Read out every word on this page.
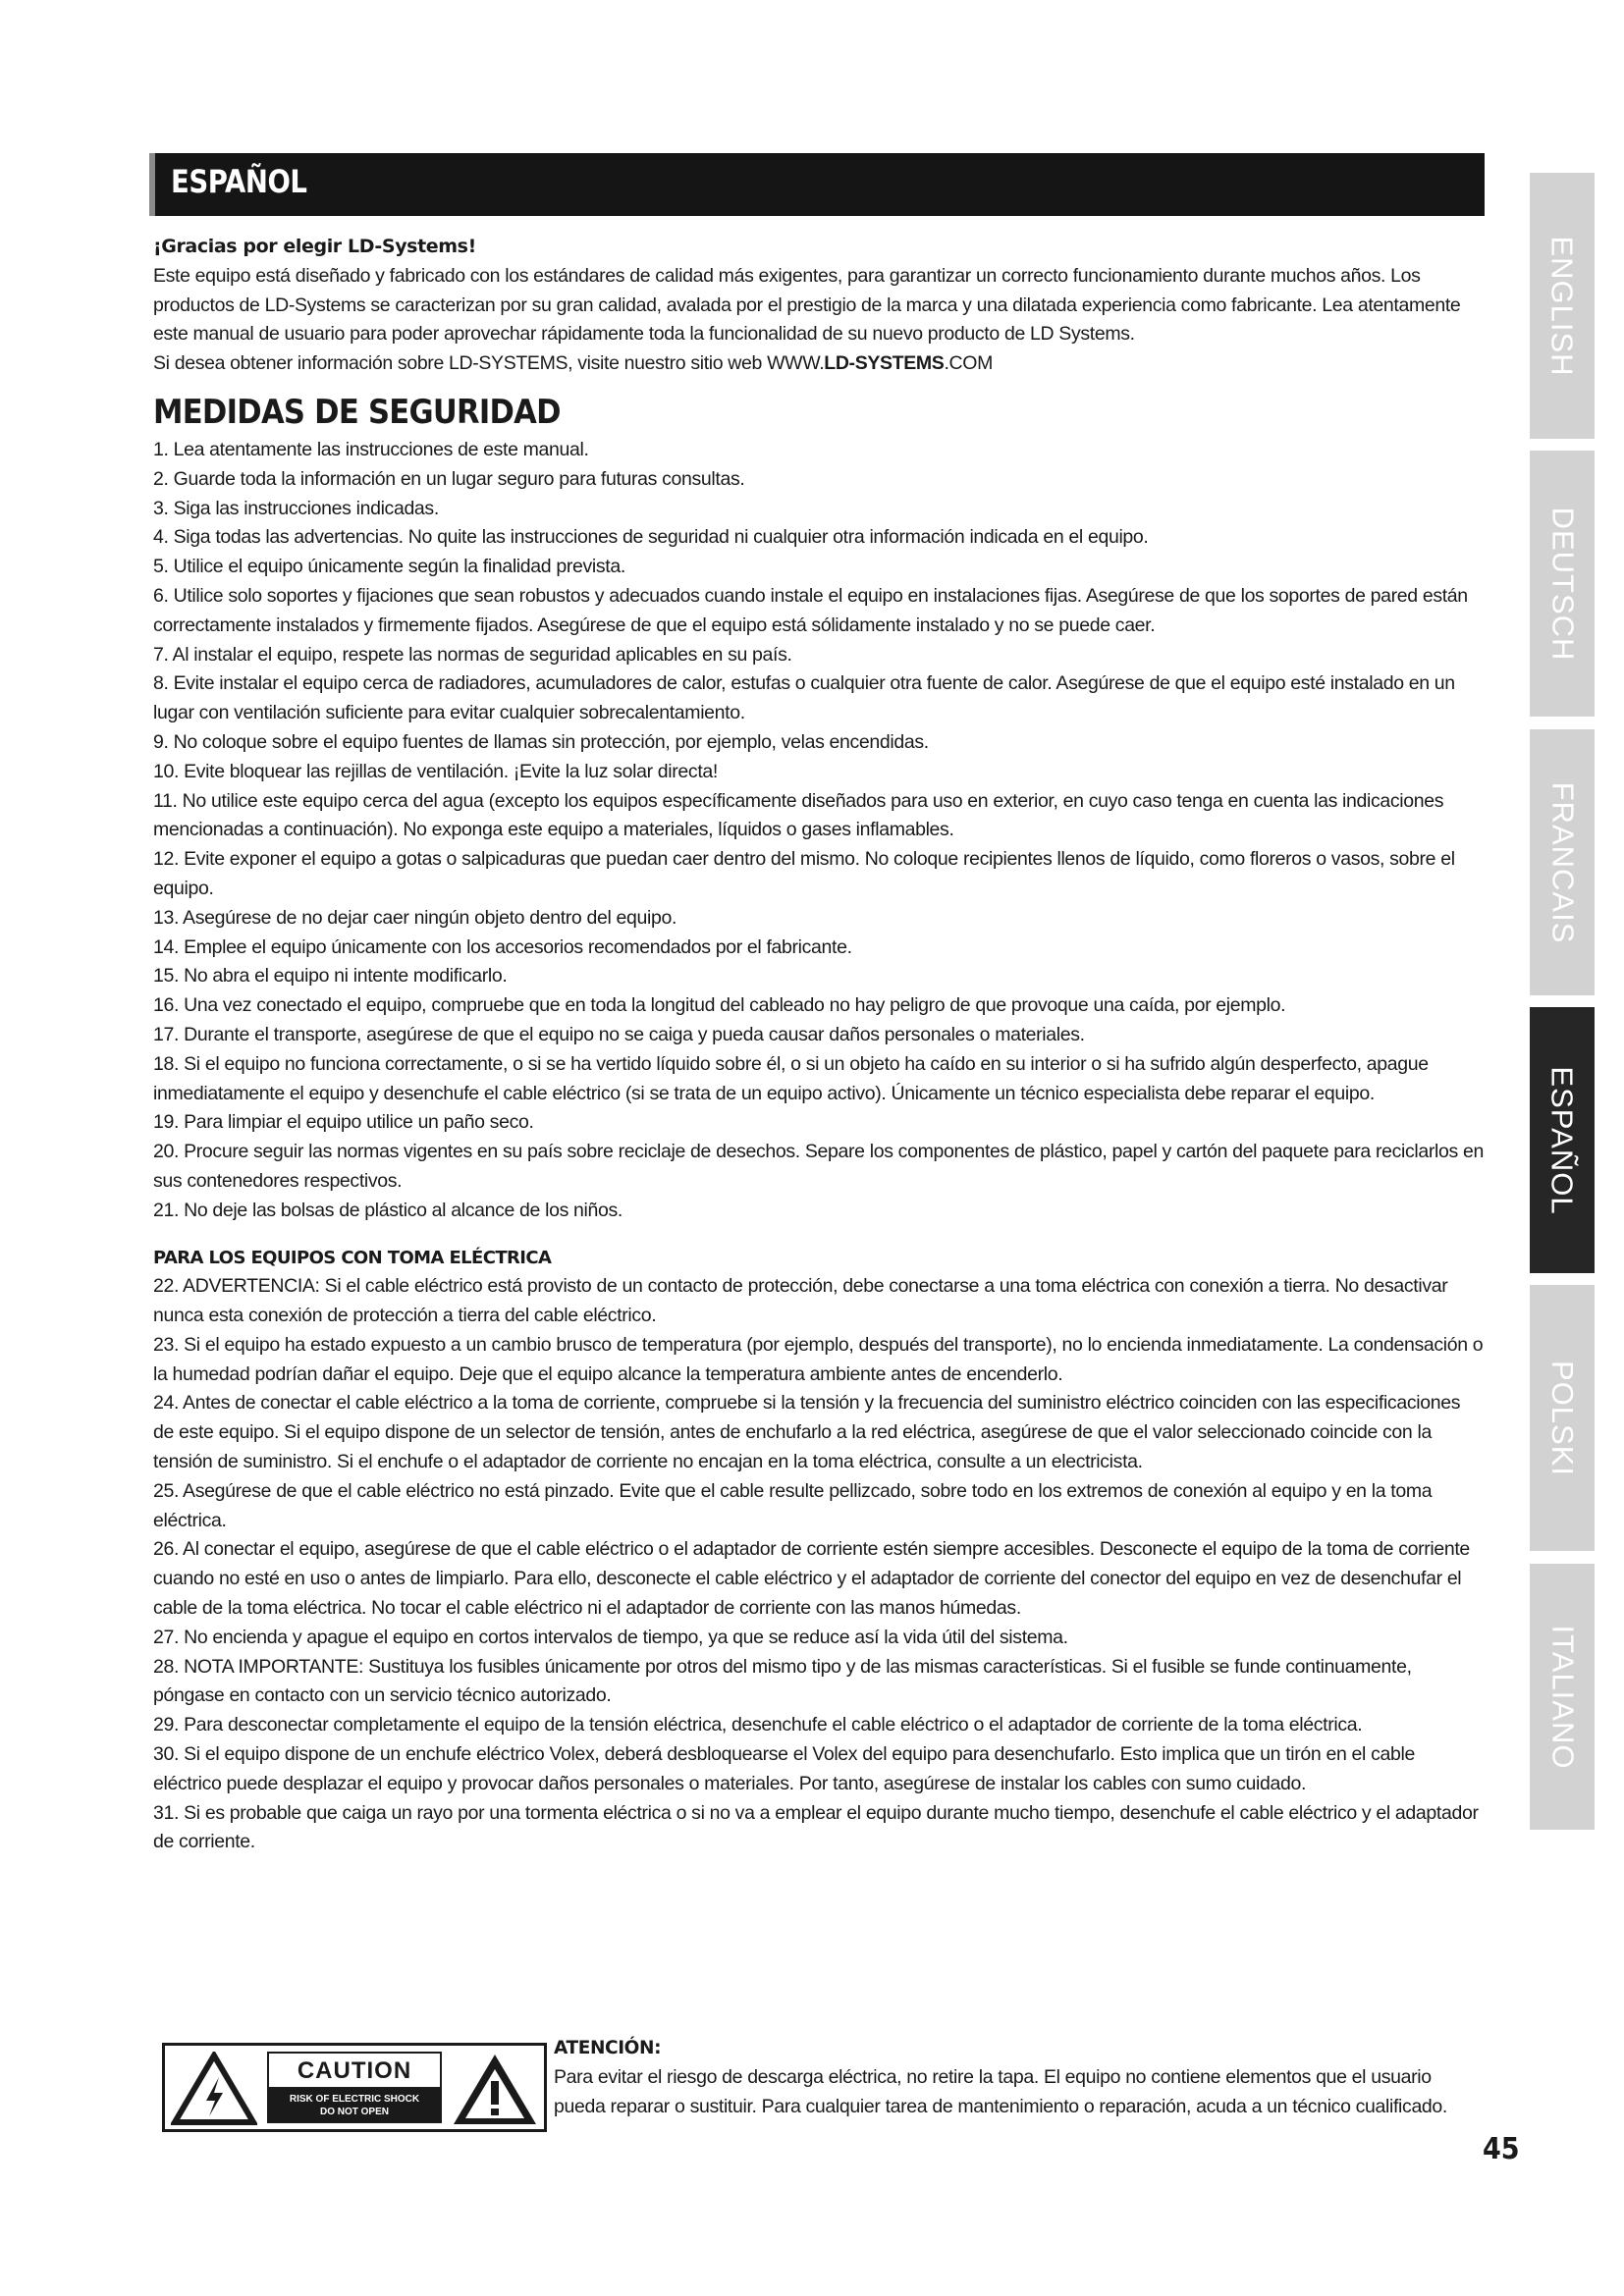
ESPAÑOL
¡Gracias por elegir LD-Systems!

Este equipo está diseñado y fabricado con los estándares de calidad más exigentes, para garantizar un correcto funcionamiento durante muchos años. Los productos de LD-Systems se caracterizan por su gran calidad, avalada por el prestigio de la marca y una dilatada experiencia como fabricante. Lea atentamente este manual de usuario para poder aprovechar rápidamente toda la funcionalidad de su nuevo producto de LD Systems.

Si desea obtener información sobre LD-SYSTEMS, visite nuestro sitio web WWW.LD-SYSTEMS.COM

MEDIDAS DE SEGURIDAD

1. Lea atentamente las instrucciones de este manual.

2. Guarde toda la información en un lugar seguro para futuras consultas.

3. Siga las instrucciones indicadas.

4. Siga todas las advertencias. No quite las instrucciones de seguridad ni cualquier otra información indicada en el equipo.

5. Utilice el equipo únicamente según la finalidad prevista.

6. Utilice solo soportes y fijaciones que sean robustos y adecuados cuando instale el equipo en instalaciones fijas. Asegúrese de que los soportes de pared están correctamente instalados y firmemente fijados. Asegúrese de que el equipo está sólidamente instalado y no se puede caer.

7. Al instalar el equipo, respete las normas de seguridad aplicables en su país.

8. Evite instalar el equipo cerca de radiadores, acumuladores de calor, estufas o cualquier otra fuente de calor. Asegúrese de que el equipo esté instalado en un lugar con ventilación suficiente para evitar cualquier sobrecalentamiento.

9. No coloque sobre el equipo fuentes de llamas sin protección, por ejemplo, velas encendidas.

10. Evite bloquear las rejillas de ventilación. ¡Evite la luz solar directa!

11. No utilice este equipo cerca del agua (excepto los equipos específicamente diseñados para uso en exterior, en cuyo caso tenga en cuenta las indicaciones mencionadas a continuación). No exponga este equipo a materiales, líquidos o gases inflamables.

12. Evite exponer el equipo a gotas o salpicaduras que puedan caer dentro del mismo. No coloque recipientes llenos de líquido, como floreros o vasos, sobre el equipo.

13. Asegúrese de no dejar caer ningún objeto dentro del equipo.

14. Emplee el equipo únicamente con los accesorios recomendados por el fabricante.

15. No abra el equipo ni intente modificarlo.

16. Una vez conectado el equipo, compruebe que en toda la longitud del cableado no hay peligro de que provoque una caída, por ejemplo.

17. Durante el transporte, asegúrese de que el equipo no se caiga y pueda causar daños personales o materiales.

18. Si el equipo no funciona correctamente, o si se ha vertido líquido sobre él, o si un objeto ha caído en su interior o si ha sufrido algún desperfecto, apague inmediatamente el equipo y desenchufe el cable eléctrico (si se trata de un equipo activo). Únicamente un técnico especialista debe reparar el equipo.

19. Para limpiar el equipo utilice un paño seco.

20. Procure seguir las normas vigentes en su país sobre reciclaje de desechos. Separe los componentes de plástico, papel y cartón del paquete para reciclarlos en sus contenedores respectivos.

21. No deje las bolsas de plástico al alcance de los niños.

PARA LOS EQUIPOS CON TOMA ELÉCTRICA

22. ADVERTENCIA: Si el cable eléctrico está provisto de un contacto de protección, debe conectarse a una toma eléctrica con conexión a tierra. No desactivar nunca esta conexión de protección a tierra del cable eléctrico.

23. Si el equipo ha estado expuesto a un cambio brusco de temperatura (por ejemplo, después del transporte), no lo encienda inmediatamente. La condensación o la humedad podrían dañar el equipo. Deje que el equipo alcance la temperatura ambiente antes de encenderlo.

24. Antes de conectar el cable eléctrico a la toma de corriente, compruebe si la tensión y la frecuencia del suministro eléctrico coinciden con las especificaciones de este equipo. Si el equipo dispone de un selector de tensión, antes de enchufarlo a la red eléctrica, asegúrese de que el valor seleccionado coincide con la tensión de suministro. Si el enchufe o el adaptador de corriente no encajan en la toma eléctrica, consulte a un electricista.

25. Asegúrese de que el cable eléctrico no está pinzado. Evite que el cable resulte pellizcado, sobre todo en los extremos de conexión al equipo y en la toma eléctrica.

26. Al conectar el equipo, asegúrese de que el cable eléctrico o el adaptador de corriente estén siempre accesibles. Desconecte el equipo de la toma de corriente cuando no esté en uso o antes de limpiarlo. Para ello, desconecte el cable eléctrico y el adaptador de corriente del conector del equipo en vez de desenchufar el cable de la toma eléctrica. No tocar el cable eléctrico ni el adaptador de corriente con las manos húmedas.

27. No encienda y apague el equipo en cortos intervalos de tiempo, ya que se reduce así la vida útil del sistema.

28. NOTA IMPORTANTE: Sustituya los fusibles únicamente por otros del mismo tipo y de las mismas características. Si el fusible se funde continuamente, póngase en contacto con un servicio técnico autorizado.

29. Para desconectar completamente el equipo de la tensión eléctrica, desenchufe el cable eléctrico o el adaptador de corriente de la toma eléctrica.

30. Si el equipo dispone de un enchufe eléctrico Volex, deberá desbloquearse el Volex del equipo para desenchufarlo. Esto implica que un tirón en el cable eléctrico puede desplazar el equipo y provocar daños personales o materiales. Por tanto, asegúrese de instalar los cables con sumo cuidado.

31. Si es probable que caiga un rayo por una tormenta eléctrica o si no va a emplear el equipo durante mucho tiempo, desenchufe el cable eléctrico y el adaptador de corriente.

CAUTION
RISK OF ELECTRIC SHOCK
DO NOT OPEN
ATENCIÓN:

Para evitar el riesgo de descarga eléctrica, no retire la tapa. El equipo no contiene elementos que el usuario pueda reparar o sustituir. Para cualquier tarea de mantenimiento o reparación, acuda a un técnico cualificado.

ENGLISH
DEUTSCH
FRANCAIS
ESPAÑOL
POLSKI
ITALIANO
45
